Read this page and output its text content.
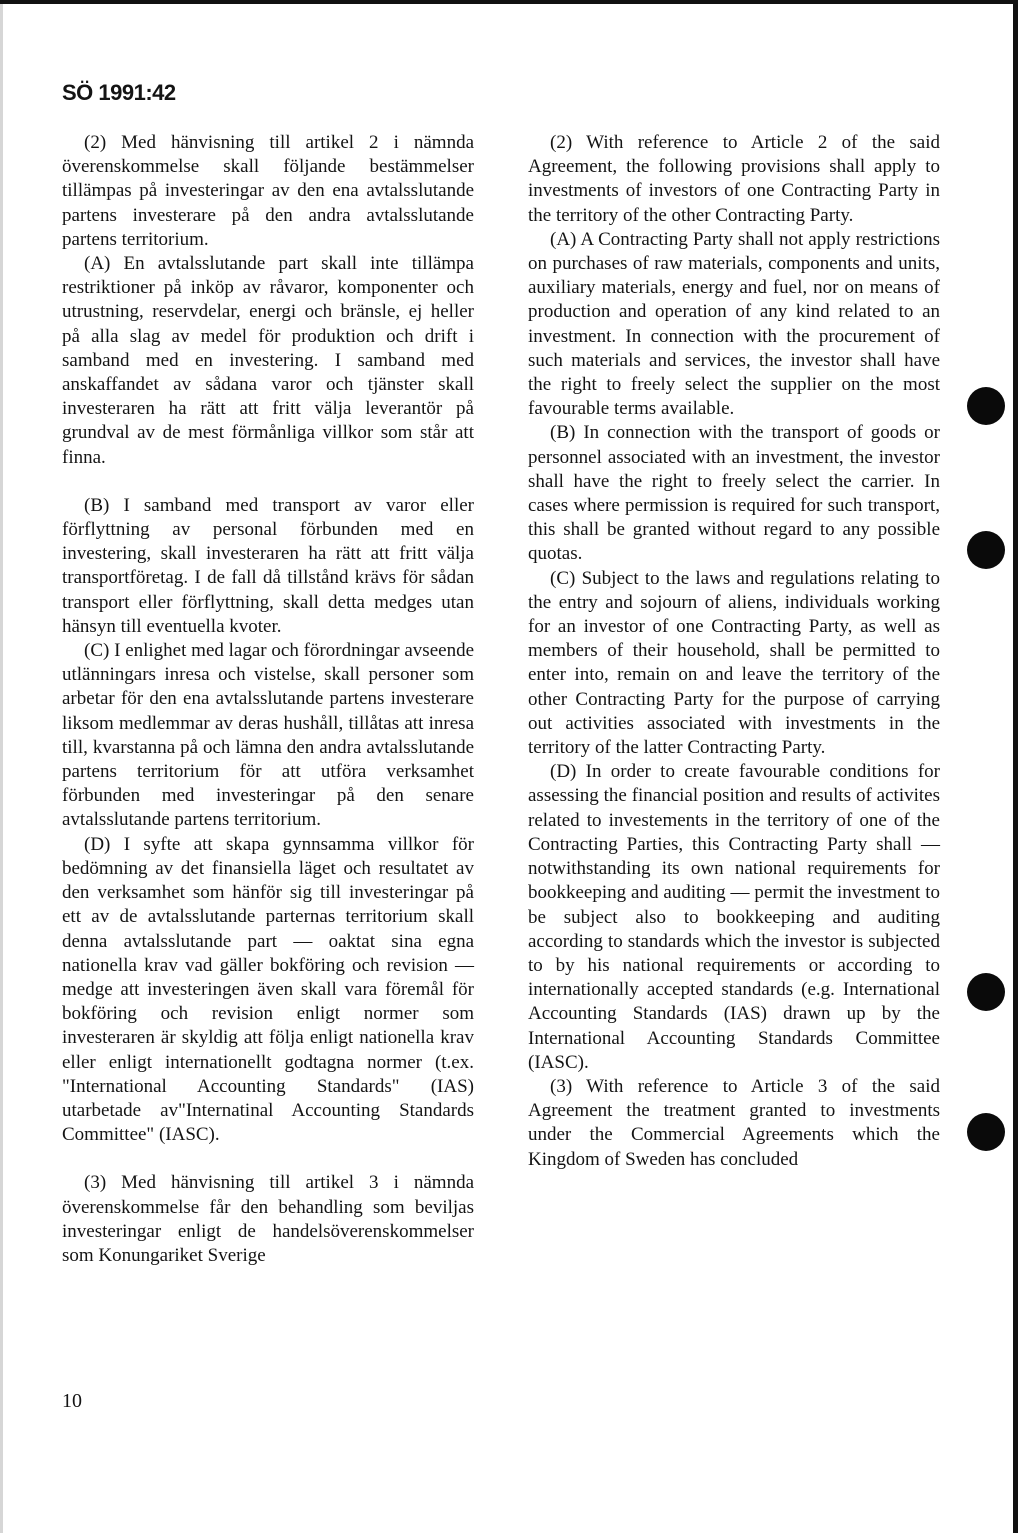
SÖ 1991:42

(2) Med hänvisning till artikel 2 i nämnda överenskommelse skall följande bestämmelser tillämpas på investeringar av den ena avtalsslutande partens investerare på den andra avtalsslutande partens territorium.

(A) En avtalsslutande part skall inte tillämpa restriktioner på inköp av råvaror, komponenter och utrustning, reservdelar, energi och bränsle, ej heller på alla slag av medel för produktion och drift i samband med en investering. I samband med anskaffandet av sådana varor och tjänster skall investeraren ha rätt att fritt välja leverantör på grundval av de mest förmånliga villkor som står att finna.

(B) I samband med transport av varor eller förflyttning av personal förbunden med en investering, skall investeraren ha rätt att fritt välja transportföretag. I de fall då tillstånd krävs för sådan transport eller förflyttning, skall detta medges utan hänsyn till eventuella kvoter.

(C) I enlighet med lagar och förordningar avseende utlänningars inresa och vistelse, skall personer som arbetar för den ena avtalsslutande partens investerare liksom medlemmar av deras hushåll, tillåtas att inresa till, kvarstanna på och lämna den andra avtalsslutande partens territorium för att utföra verksamhet förbunden med investeringar på den senare avtalsslutande partens territorium.

(D) I syfte att skapa gynnsamma villkor för bedömning av det finansiella läget och resultatet av den verksamhet som hänför sig till investeringar på ett av de avtalsslutande parternas territorium skall denna avtalsslutande part — oaktat sina egna nationella krav vad gäller bokföring och revision — medge att investeringen även skall vara föremål för bokföring och revision enligt normer som investeraren är skyldig att följa enligt nationella krav eller enligt internationellt godtagna normer (t.ex. "International Accounting Standards" (IAS) utarbetade av"Internatinal Accounting Standards Committee" (IASC).

(3) Med hänvisning till artikel 3 i nämnda överenskommelse får den behandling som beviljas investeringar enligt de handelsöverenskommelser som Konungariket Sverige

(2) With reference to Article 2 of the said Agreement, the following provisions shall apply to investments of investors of one Contracting Party in the territory of the other Contracting Party.

(A) A Contracting Party shall not apply restrictions on purchases of raw materials, components and units, auxiliary materials, energy and fuel, nor on means of production and operation of any kind related to an investment. In connection with the procurement of such materials and services, the investor shall have the right to freely select the supplier on the most favourable terms available.

(B) In connection with the transport of goods or personnel associated with an investment, the investor shall have the right to freely select the carrier. In cases where permission is required for such transport, this shall be granted without regard to any possible quotas.

(C) Subject to the laws and regulations relating to the entry and sojourn of aliens, individuals working for an investor of one Contracting Party, as well as members of their household, shall be permitted to enter into, remain on and leave the territory of the other Contracting Party for the purpose of carrying out activities associated with investments in the territory of the latter Contracting Party.

(D) In order to create favourable conditions for assessing the financial position and results of activites related to investements in the territory of one of the Contracting Parties, this Contracting Party shall — notwithstanding its own national requirements for bookkeeping and auditing — permit the investment to be subject also to bookkeeping and auditing according to standards which the investor is subjected to by his national requirements or according to internationally accepted standards (e.g. International Accounting Standards (IAS) drawn up by the International Accounting Standards Committee (IASC).

(3) With reference to Article 3 of the said Agreement the treatment granted to investments under the Commercial Agreements which the Kingdom of Sweden has concluded

10
